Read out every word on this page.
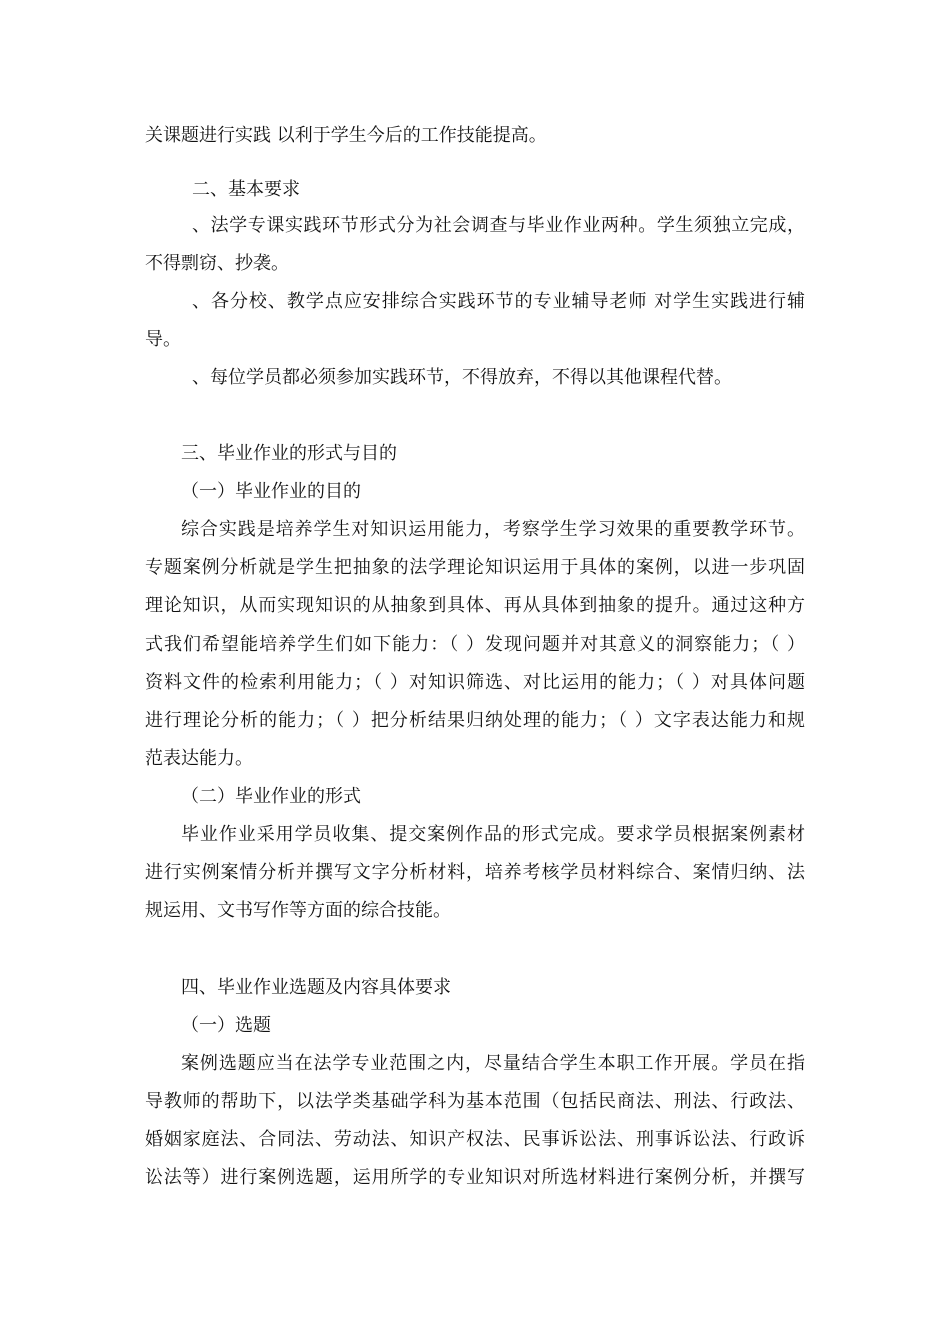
关课题进行实践 以利于学生今后的工作技能提高。
二、基本要求
、法学专课实践环节形式分为社会调查与毕业作业两种。学生须独立完成，
不得剽窃、抄袭。
、各分校、教学点应安排综合实践环节的专业辅导老师 对学生实践进行辅
导。
、每位学员都必须参加实践环节，不得放弃，不得以其他课程代替。
三、毕业作业的形式与目的
（一）毕业作业的目的
综合实践是培养学生对知识运用能力，考察学生学习效果的重要教学环节。
专题案例分析就是学生把抽象的法学理论知识运用于具体的案例，以进一步巩固
理论知识，从而实现知识的从抽象到具体、再从具体到抽象的提升。通过这种方
式我们希望能培养学生们如下能力：（ ）发现问题并对其意义的洞察能力；（ ）
资料文件的检索利用能力；（ ）对知识筛选、对比运用的能力；（ ）对具体问题
进行理论分析的能力；（ ）把分析结果归纳处理的能力；（ ）文字表达能力和规
范表达能力。
（二）毕业作业的形式
毕业作业采用学员收集、提交案例作品的形式完成。要求学员根据案例素材
进行实例案情分析并撰写文字分析材料，培养考核学员材料综合、案情归纳、法
规运用、文书写作等方面的综合技能。
四、毕业作业选题及内容具体要求
（一）选题
案例选题应当在法学专业范围之内，尽量结合学生本职工作开展。学员在指
导教师的帮助下，以法学类基础学科为基本范围（包括民商法、刑法、行政法、
婚姻家庭法、合同法、劳动法、知识产权法、民事诉讼法、刑事诉讼法、行政诉
讼法等）进行案例选题，运用所学的专业知识对所选材料进行案例分析，并撰写
